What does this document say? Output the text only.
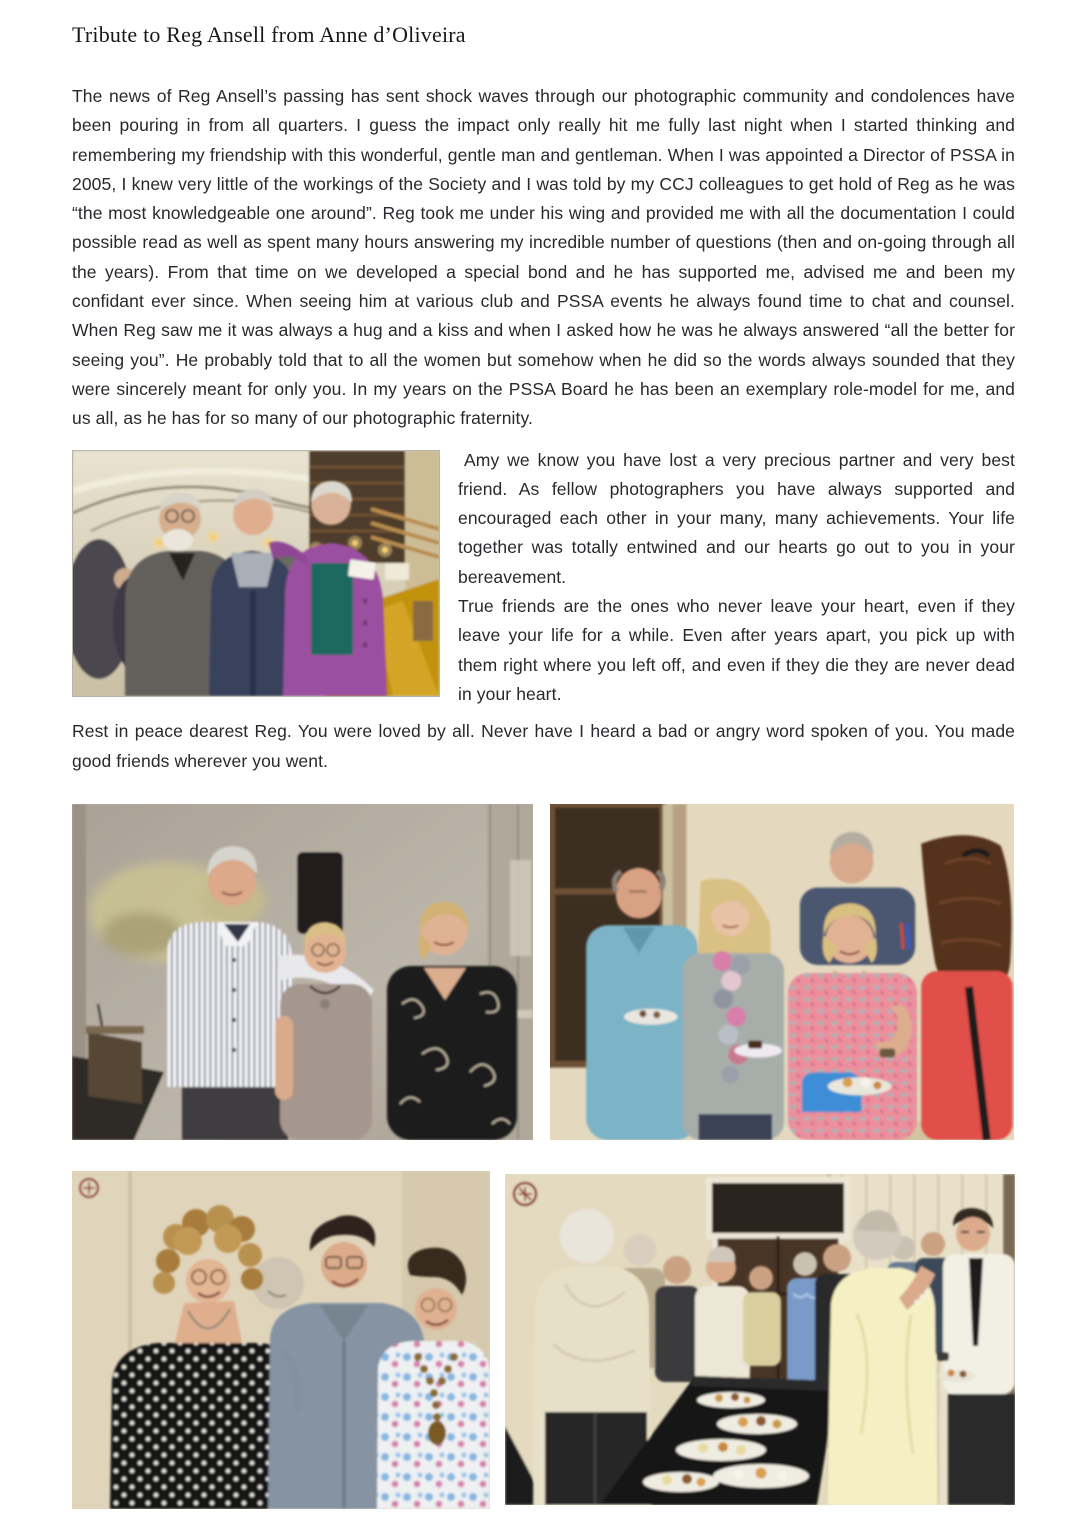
Tribute to Reg Ansell from Anne d’Oliveira

The news of Reg Ansell’s passing has sent shock waves through our photographic community and condolences have been pouring in from all quarters. I guess the impact only really hit me fully last night when I started thinking and remembering my friendship with this wonderful, gentle man and gentleman. When I was appointed a Director of PSSA in 2005, I knew very little of the workings of the Society and I was told by my CCJ colleagues to get hold of Reg as he was “the most knowledgeable one around”. Reg took me under his wing and provided me with all the documentation I could possible read as well as spent many hours answering my incredible number of questions (then and on-going through all the years). From that time on we developed a special bond and he has supported me, advised me and been my confidant ever since. When seeing him at various club and PSSA events he always found time to chat and counsel. When Reg saw me it was always a hug and a kiss and when I asked how he was he always answered “all the better for seeing you”. He probably told that to all the women but somehow when he did so the words always sounded that they were sincerely meant for only you. In my years on the PSSA Board he has been an exemplary role-model for me, and us all, as he has for so many of our photographic fraternity.

Amy we know you have lost a very precious partner and very best friend. As fellow photographers you have always supported and encouraged each other in your many, many achievements. Your life together was totally entwined and our hearts go out to you in your bereavement.

True friends are the ones who never leave your heart, even if they leave your life for a while. Even after years apart, you pick up with them right where you left off, and even if they die they are never dead in your heart.

Rest in peace dearest Reg. You were loved by all. Never have I heard a bad or angry word spoken of you. You made good friends wherever you went.
